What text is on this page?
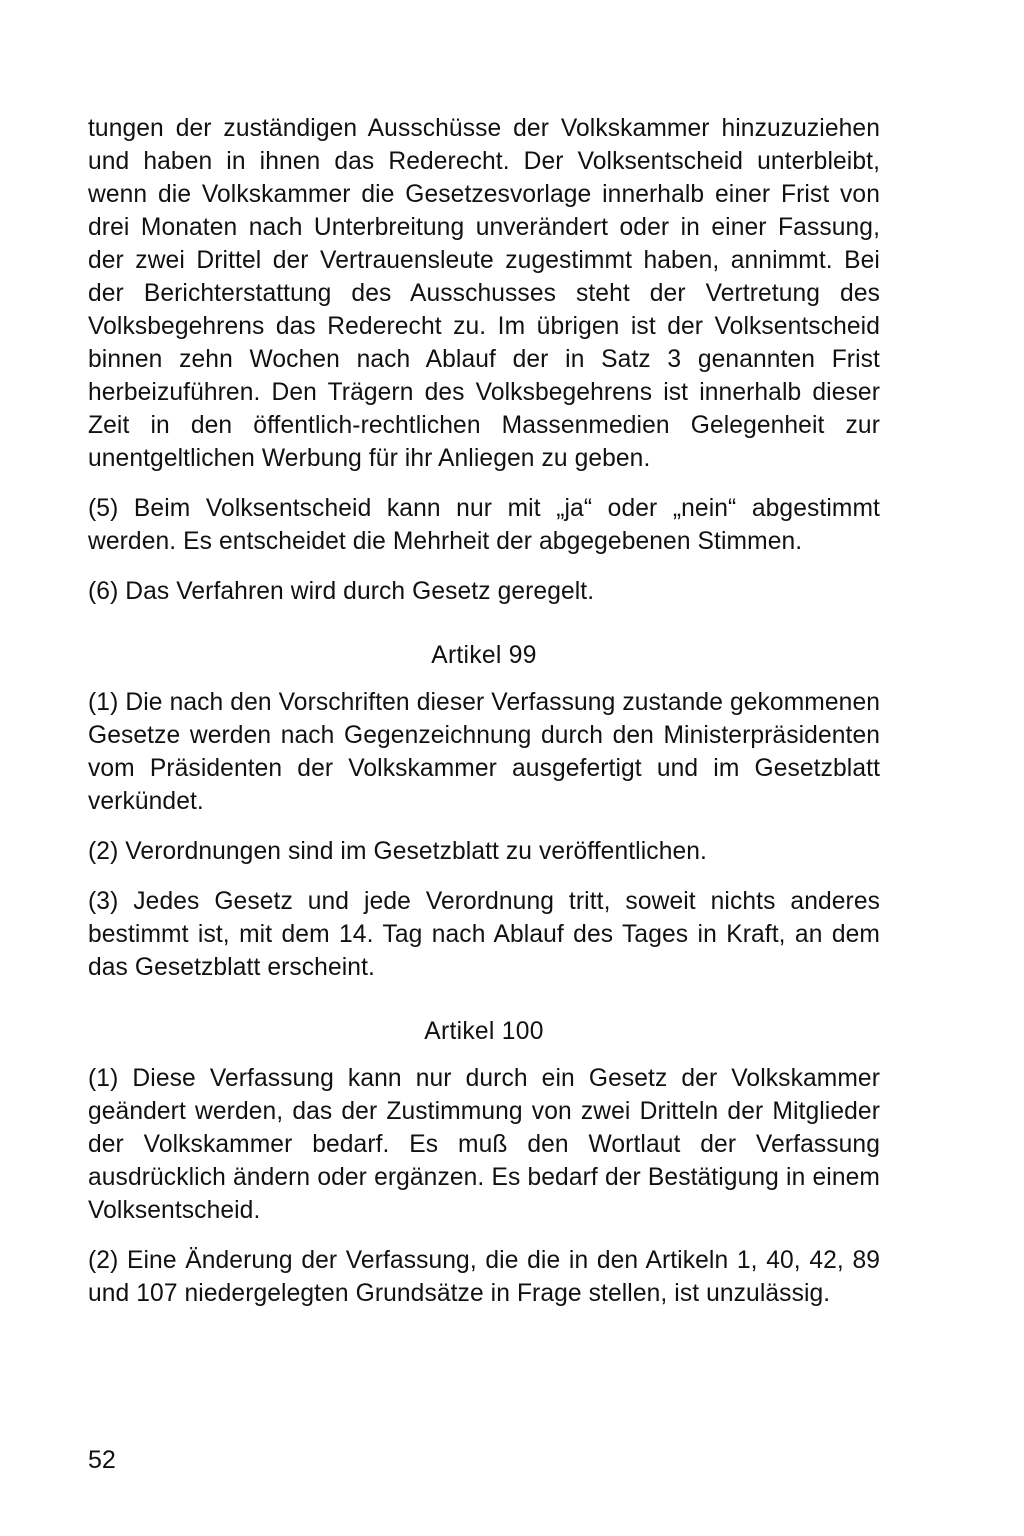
tungen der zuständigen Ausschüsse der Volkskammer hinzuzuziehen und haben in ihnen das Rederecht. Der Volksentscheid unterbleibt, wenn die Volkskammer die Gesetzesvorlage innerhalb einer Frist von drei Monaten nach Unterbreitung unverändert oder in einer Fassung, der zwei Drittel der Vertrauensleute zugestimmt haben, annimmt. Bei der Berichterstattung des Ausschusses steht der Vertretung des Volksbegehrens das Rederecht zu. Im übrigen ist der Volksentscheid binnen zehn Wochen nach Ablauf der in Satz 3 genannten Frist herbeizuführen. Den Trägern des Volksbegehrens ist innerhalb dieser Zeit in den öffentlich-rechtlichen Massenmedien Gelegenheit zur unentgeltlichen Werbung für ihr Anliegen zu geben.

(5) Beim Volksentscheid kann nur mit „ja“ oder „nein“ abgestimmt werden. Es entscheidet die Mehrheit der abgegebenen Stimmen.

(6) Das Verfahren wird durch Gesetz geregelt.

Artikel 99

(1) Die nach den Vorschriften dieser Verfassung zustande gekommenen Gesetze werden nach Gegenzeichnung durch den Ministerpräsidenten vom Präsidenten der Volkskammer ausgefertigt und im Gesetzblatt verkündet.

(2) Verordnungen sind im Gesetzblatt zu veröffentlichen.

(3) Jedes Gesetz und jede Verordnung tritt, soweit nichts anderes bestimmt ist, mit dem 14. Tag nach Ablauf des Tages in Kraft, an dem das Gesetzblatt erscheint.

Artikel 100

(1) Diese Verfassung kann nur durch ein Gesetz der Volkskammer geändert werden, das der Zustimmung von zwei Dritteln der Mitglieder der Volkskammer bedarf. Es muß den Wortlaut der Verfassung ausdrücklich ändern oder ergänzen. Es bedarf der Bestätigung in einem Volksentscheid.

(2) Eine Änderung der Verfassung, die die in den Artikeln 1, 40, 42, 89 und 107 niedergelegten Grundsätze in Frage stellen, ist unzulässig.

52
